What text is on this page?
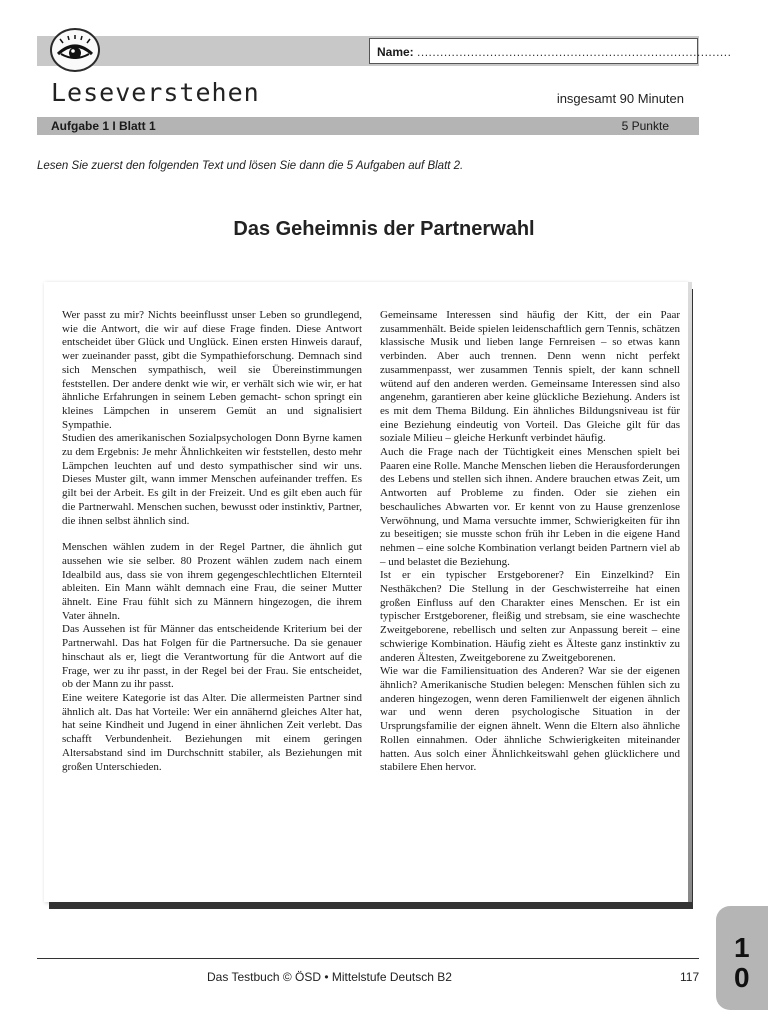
Name: ..................................................................................
Leseverstehen	insgesamt 90 Minuten
Aufgabe 1 I Blatt 1	5 Punkte
Lesen Sie zuerst den folgenden Text und lösen Sie dann die 5 Aufgaben auf Blatt 2.
Das Geheimnis der Partnerwahl

Wer passt zu mir? Nichts beeinflusst unser Leben so grundlegend, wie die Antwort, die wir auf diese Frage finden. Diese Antwort entscheidet über Glück und Unglück. Einen ersten Hinweis darauf, wer zueinander passt, gibt die Sympathieforschung. Demnach sind sich Menschen sympathisch, weil sie Übereinstimmungen feststellen. Der andere denkt wie wir, er verhält sich wie wir, er hat ähnliche Erfahrungen in seinem Leben gemacht- schon springt ein kleines Lämpchen in unserem Gemüt an und signalisiert Sympathie.

Studien des amerikanischen Sozialpsychologen Donn Byrne kamen zu dem Ergebnis: Je mehr Ähnlichkeiten wir feststellen, desto mehr Lämpchen leuchten auf und desto sympathischer sind wir uns. Dieses Muster gilt, wann immer Menschen aufeinander treffen. Es gilt bei der Arbeit. Es gilt in der Freizeit. Und es gilt eben auch für die Partnerwahl. Menschen suchen, bewusst oder instinktiv, Partner, die ihnen selbst ähnlich sind.

Menschen wählen zudem in der Regel Partner, die ähnlich gut aussehen wie sie selber. 80 Prozent wählen zudem nach einem Idealbild aus, dass sie von ihrem gegengeschlechtlichen Elternteil ableiten. Ein Mann wählt demnach eine Frau, die seiner Mutter ähnelt. Eine Frau fühlt sich zu Männern hingezogen, die ihrem Vater ähneln.

Das Aussehen ist für Männer das entscheidende Kriterium bei der Partnerwahl. Das hat Folgen für die Partnersuche. Da sie genauer hinschaut als er, liegt die Verantwortung für die Antwort auf die Frage, wer zu ihr passt, in der Regel bei der Frau. Sie entscheidet, ob der Mann zu ihr passt.

Eine weitere Kategorie ist das Alter. Die allermeisten Partner sind ähnlich alt. Das hat Vorteile: Wer ein annähernd gleiches Alter hat, hat seine Kindheit und Jugend in einer ähnlichen Zeit verlebt. Das schafft Verbundenheit. Beziehungen mit einem geringen Altersabstand sind im Durchschnitt stabiler, als Beziehungen mit großen Unterschieden.

Gemeinsame Interessen sind häufig der Kitt, der ein Paar zusammenhält. Beide spielen leidenschaftlich gern Tennis, schätzen klassische Musik und lieben lange Fernreisen – so etwas kann verbinden. Aber auch trennen. Denn wenn nicht perfekt zusammenpasst, wer zusammen Tennis spielt, der kann schnell wütend auf den anderen werden. Gemeinsame Interessen sind also angenehm, garantieren aber keine glückliche Beziehung. Anders ist es mit dem Thema Bildung. Ein ähnliches Bildungsniveau ist für eine Beziehung eindeutig von Vorteil. Das Gleiche gilt für das soziale Milieu – gleiche Herkunft verbindet häufig.

Auch die Frage nach der Tüchtigkeit eines Menschen spielt bei Paaren eine Rolle. Manche Menschen lieben die Herausforderungen des Lebens und stellen sich ihnen. Andere brauchen etwas Zeit, um Antworten auf Probleme zu finden. Oder sie ziehen ein beschauliches Abwarten vor. Er kennt von zu Hause grenzenlose Verwöhnung, und Mama versuchte immer, Schwierigkeiten für ihn zu beseitigen; sie musste schon früh ihr Leben in die eigene Hand nehmen – eine solche Kombination verlangt beiden Partnern viel ab – und belastet die Beziehung.

Ist er ein typischer Erstgeborener? Ein Einzelkind? Ein Nesthäkchen? Die Stellung in der Geschwisterreihe hat einen großen Einfluss auf den Charakter eines Menschen. Er ist ein typischer Erstgeborener, fleißig und strebsam, sie eine waschechte Zweitgeborene, rebellisch und selten zur Anpassung bereit – eine schwierige Kombination. Häufig zieht es Älteste ganz instinktiv zu anderen Ältesten, Zweitgeborene zu Zweitgeborenen.

Wie war die Familiensituation des Anderen? War sie der eigenen ähnlich? Amerikanische Studien belegen: Menschen fühlen sich zu anderen hingezogen, wenn deren Familienwelt der eigenen ähnlich war und wenn deren psychologische Situation in der Ursprungsfamilie der eignen ähnelt. Wenn die Eltern also ähnliche Rollen einnahmen. Oder ähnliche Schwierigkeiten miteinander hatten. Aus solch einer Ähnlichkeitswahl gehen glücklichere und stabilere Ehen hervor.

Das Testbuch © ÖSD • Mittelstufe Deutsch B2	117
1
0
